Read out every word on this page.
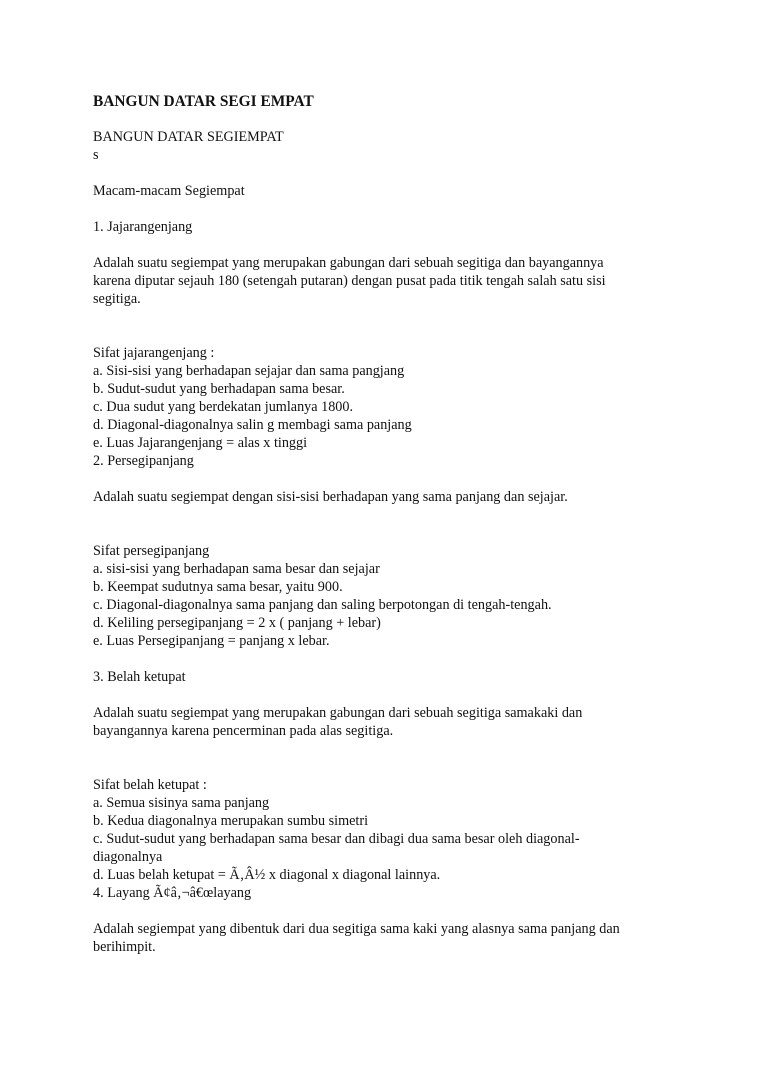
BANGUN DATAR SEGI EMPAT
BANGUN DATAR SEGIEMPAT
s
Macam-macam Segiempat
1. Jajarangenjang
Adalah suatu segiempat yang merupakan gabungan dari sebuah segitiga dan bayangannya
karena diputar sejauh 180 (setengah putaran) dengan pusat pada titik tengah salah satu sisi
segitiga.
Sifat jajarangenjang :
a. Sisi-sisi yang berhadapan sejajar dan sama pangjang
b. Sudut-sudut yang berhadapan sama besar.
c. Dua sudut yang berdekatan jumlanya 1800.
d. Diagonal-diagonalnya salin g membagi sama panjang
e. Luas Jajarangenjang = alas x tinggi
2. Persegipanjang
Adalah suatu segiempat dengan sisi-sisi berhadapan yang sama panjang dan sejajar.
Sifat persegipanjang
a. sisi-sisi yang berhadapan sama besar dan sejajar
b. Keempat sudutnya sama besar, yaitu 900.
c. Diagonal-diagonalnya sama panjang dan saling berpotongan di tengah-tengah.
d. Keliling persegipanjang = 2 x ( panjang + lebar)
e. Luas Persegipanjang = panjang x lebar.
3. Belah ketupat
Adalah suatu segiempat yang merupakan gabungan dari sebuah segitiga samakaki dan
bayangannya karena pencerminan pada alas segitiga.
Sifat belah ketupat :
a. Semua sisinya sama panjang
b. Kedua diagonalnya merupakan sumbu simetri
c. Sudut-sudut yang berhadapan sama besar dan dibagi dua sama besar oleh diagonal-
diagonalnya
d. Luas belah ketupat = Ã‚Â½ x diagonal x diagonal lainnya.
4. Layang Ã¢â‚¬â€œlayang
Adalah segiempat yang dibentuk dari dua segitiga sama kaki yang alasnya sama panjang dan
berihimpit.
